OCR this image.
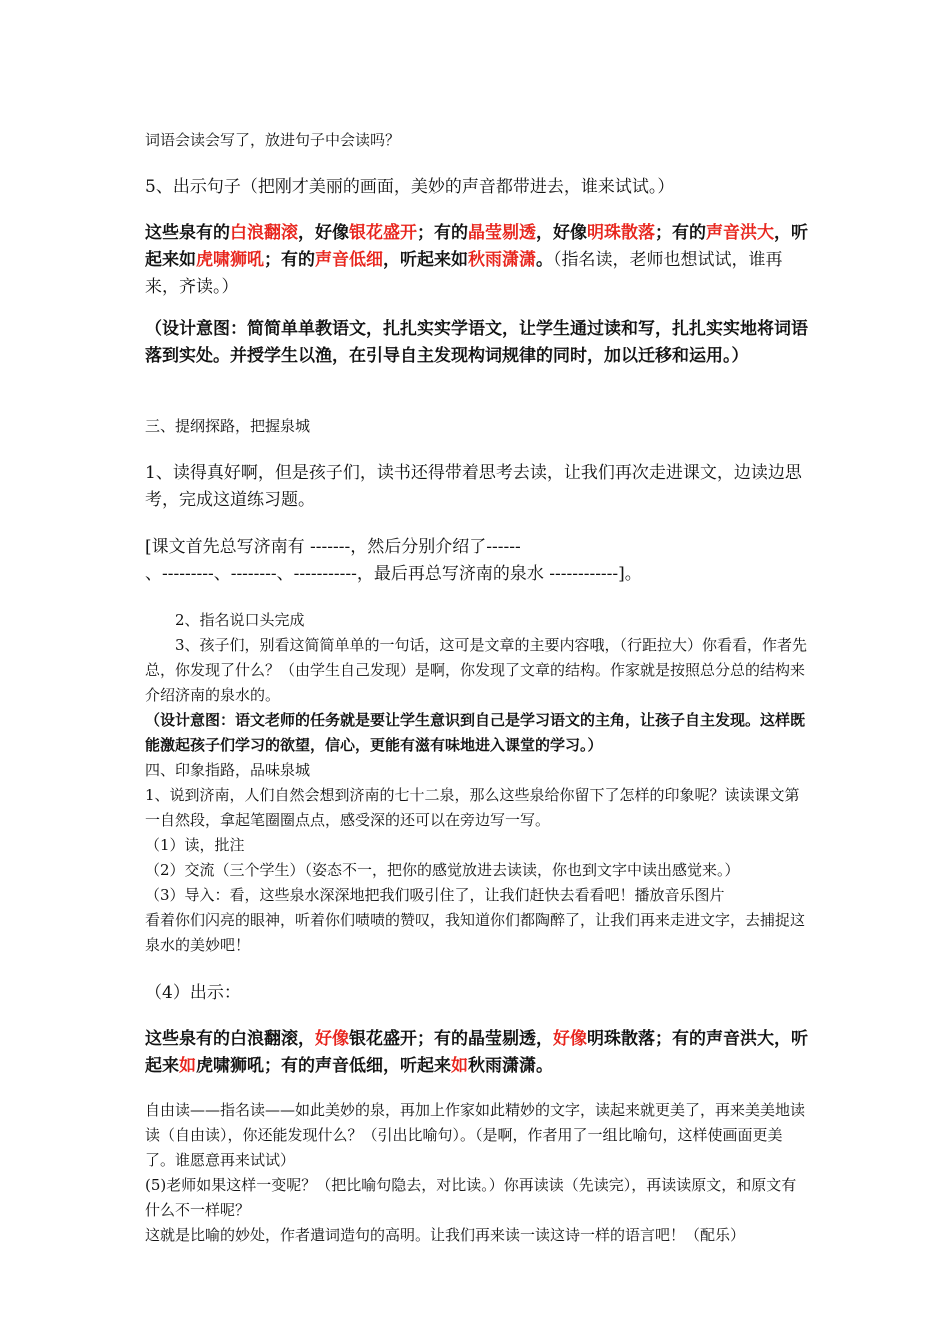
词语会读会写了，放进句子中会读吗？

5、出示句子（把刚才美丽的画面，美妙的声音都带进去，谁来试试。）

这些泉有的白浪翻滚，好像银花盛开；有的晶莹剔透，好像明珠散落；有的声音洪大，听起来如虎啸狮吼；有的声音低细，听起来如秋雨潇潇。（指名读，老师也想试试，谁再来，齐读。）

（设计意图：简简单单教语文，扎扎实实学语文，让学生通过读和写，扎扎实实地将词语落到实处。并授学生以渔，在引导自主发现构词规律的同时，加以迁移和运用。）

三、提纲探路，把握泉城

1、读得真好啊，但是孩子们，读书还得带着思考去读，让我们再次走进课文，边读边思考，完成这道练习题。

[课文首先总写济南有 -------，然后分别介绍了------

、---------、--------、-----------，最后再总写济南的泉水 ------------]。

2、指名说口头完成

3、孩子们，别看这简简单单的一句话，这可是文章的主要内容哦，（行距拉大）你看看，作者先总，你发现了什么？（由学生自己发现）是啊，你发现了文章的结构。作家就是按照总分总的结构来介绍济南的泉水的。

（设计意图：语文老师的任务就是要让学生意识到自己是学习语文的主角，让孩子自主发现。这样既能激起孩子们学习的欲望，信心，更能有滋有味地进入课堂的学习。）

四、印象指路，品味泉城

1、说到济南，人们自然会想到济南的七十二泉，那么这些泉给你留下了怎样的印象呢？读读课文第一自然段，拿起笔圈圈点点，感受深的还可以在旁边写一写。

（1）读，批注

（2）交流（三个学生）（姿态不一，把你的感觉放进去读读，你也到文字中读出感觉来。）

（3）导入：看，这些泉水深深地把我们吸引住了，让我们赶快去看看吧！播放音乐图片

看着你们闪亮的眼神，听着你们啧啧的赞叹，我知道你们都陶醉了，让我们再来走进文字，去捕捉这泉水的美妙吧！

（4）出示：

这些泉有的白浪翻滚，好像银花盛开；有的晶莹剔透，好像明珠散落；有的声音洪大，听起来如虎啸狮吼；有的声音低细，听起来如秋雨潇潇。

自由读——指名读——如此美妙的泉，再加上作家如此精妙的文字，读起来就更美了，再来美美地读读（自由读），你还能发现什么？（引出比喻句）。（是啊，作者用了一组比喻句，这样使画面更美了。谁愿意再来试试）

(5)老师如果这样一变呢？（把比喻句隐去，对比读。）你再读读（先读完），再读读原文，和原文有什么不一样呢？

这就是比喻的妙处，作者遣词造句的高明。让我们再来读一读这诗一样的语言吧！（配乐）
